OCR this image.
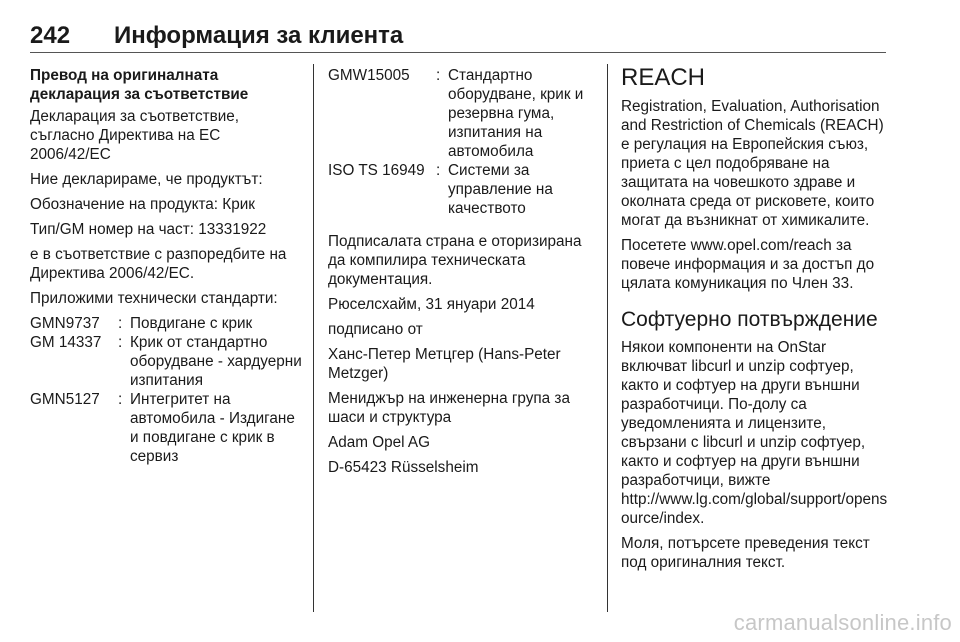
242 Информация за клиента
Превод на оригиналната
декларация за съответствие

Декларация за съответствие, съгласно Директива на ЕС 2006/42/EC

Ние декларираме, че продуктът:

Обозначение на продукта: Крик

Тип/GM номер на част: 13331922

е в съответствие с разпоредбите на Директива 2006/42/EC.

Приложими технически стандарти:

GMN9737	:	Повдигане с крик
GM 14337	:	Крик от стандартно оборудване - хардуерни изпитания
GMN5127	:	Интегритет на автомобила - Издигане и повдигане с крик в сервиз
GMW15005	:	Стандартно оборудване, крик и резервна гума, изпитания на автомобила
ISO TS 16949	:	Системи за управление на качеството

Подписалата страна е оторизирана да компилира техническата документация.

Рюселсхайм, 31 януари 2014

подписано от

Ханс-Петер Метцгер (Hans-Peter Metzger)

Мениджър на инженерна група за шаси и структура

Adam Opel AG

D-65423 Rüsselsheim

REACH

Registration, Evaluation, Authorisation and Restriction of Chemicals (REACH) е регулация на Европейския съюз, приета с цел подобряване на защитата на човешкото здраве и околната среда от рисковете, които могат да възникнат от химикалите.

Посетете www.opel.com/reach за повече информация и за достъп до цялата комуникация по Член 33.

Софтуерно потвърждение

Някои компоненти на OnStar включват libcurl и unzip софтуер, както и софтуер на други външни разработчици. По-долу са уведомленията и лицензите, свързани с libcurl и unzip софтуер, както и софтуер на други външни разработчици, вижте http://www.lg.com/global/support/opensource/index.

Моля, потърсете преведения текст под оригиналния текст.

carmanualsonline.info
